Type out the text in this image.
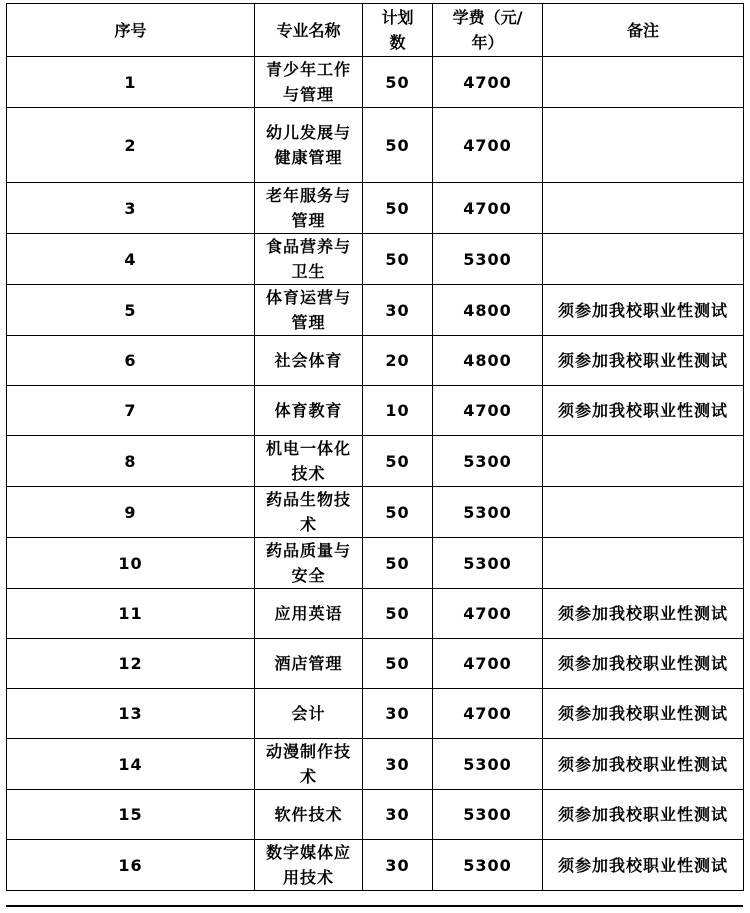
序号	专业名称	计划数	学费（元/年）	备注
1	青少年工作与管理	50	4700	
2	幼儿发展与健康管理	50	4700	
3	老年服务与管理	50	4700	
4	食品营养与卫生	50	5300	
5	体育运营与管理	30	4800	须参加我校职业性测试
6	社会体育	20	4800	须参加我校职业性测试
7	体育教育	10	4700	须参加我校职业性测试
8	机电一体化技术	50	5300	
9	药品生物技术	50	5300	
10	药品质量与安全	50	5300	
11	应用英语	50	4700	须参加我校职业性测试
12	酒店管理	50	4700	须参加我校职业性测试
13	会计	30	4700	须参加我校职业性测试
14	动漫制作技术	30	5300	须参加我校职业性测试
15	软件技术	30	5300	须参加我校职业性测试
16	数字媒体应用技术	30	5300	须参加我校职业性测试
